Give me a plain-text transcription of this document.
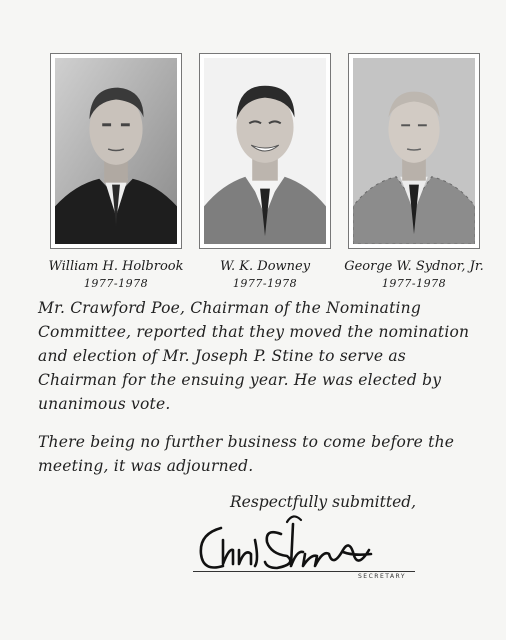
William H. Holbrook
1977-1978
W. K. Downey
1977-1978
George W. Sydnor, Jr.
1977-1978

Mr. Crawford Poe, Chairman of the Nominating Committee, reported that they moved the nomination and election of Mr. Joseph P. Stine to serve as Chairman for the ensuing year. He was elected by unanimous vote.

There being no further business to come before the meeting, it was adjourned.

Respectfully submitted,
SECRETARY
